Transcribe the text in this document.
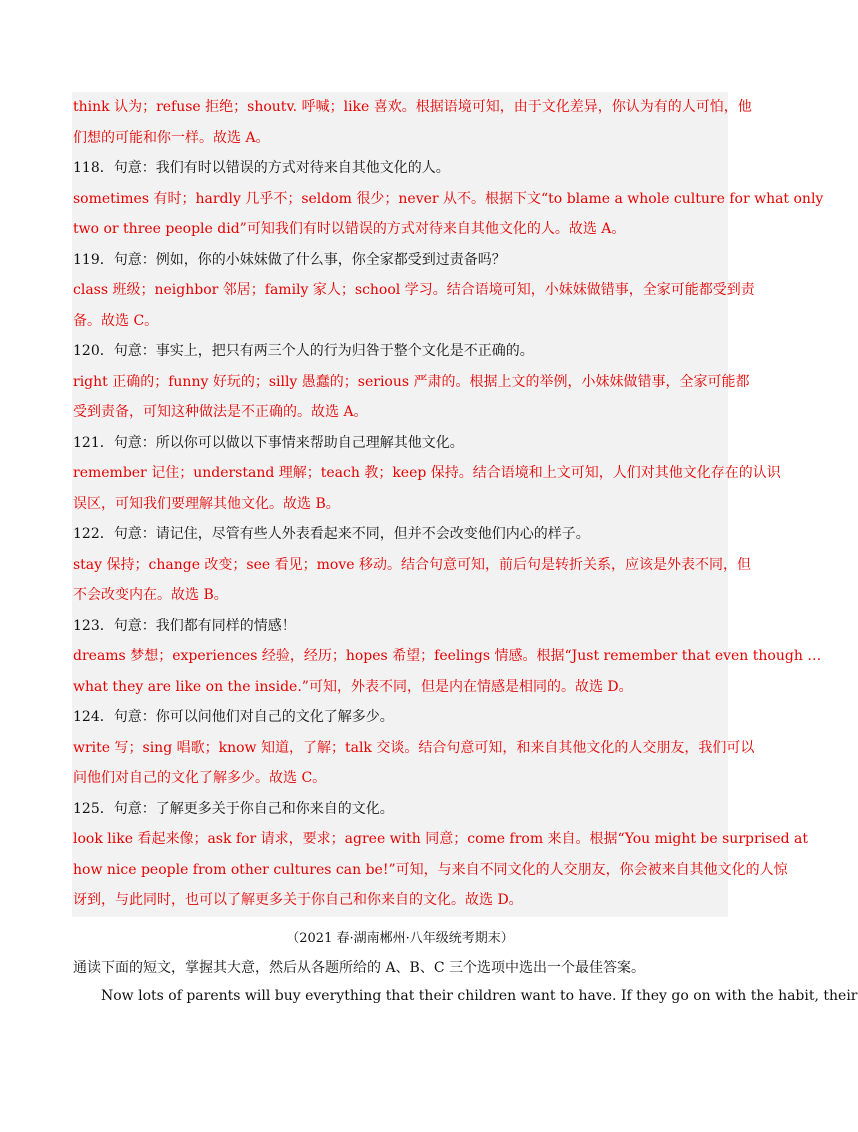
think 认为；refuse 拒绝；shoutv. 呼喊；like 喜欢。根据语境可知，由于文化差异，你认为有的人可怕，他
们想的可能和你一样。故选 A。
118．句意：我们有时以错误的方式对待来自其他文化的人。
sometimes 有时；hardly 几乎不；seldom 很少；never 从不。根据下文“to blame a whole culture for what only
two or three people did”可知我们有时以错误的方式对待来自其他文化的人。故选 A。
119．句意：例如，你的小妹妹做了什么事，你全家都受到过责备吗？
class 班级；neighbor 邻居；family 家人；school 学习。结合语境可知，小妹妹做错事，全家可能都受到责
备。故选 C。
120．句意：事实上，把只有两三个人的行为归咎于整个文化是不正确的。
right 正确的；funny 好玩的；silly 愚蠢的；serious 严肃的。根据上文的举例，小妹妹做错事，全家可能都
受到责备，可知这种做法是不正确的。故选 A。
121．句意：所以你可以做以下事情来帮助自己理解其他文化。
remember 记住；understand 理解；teach 教；keep 保持。结合语境和上文可知，人们对其他文化存在的认识
误区，可知我们要理解其他文化。故选 B。
122．句意：请记住，尽管有些人外表看起来不同，但并不会改变他们内心的样子。
stay 保持；change 改变；see 看见；move 移动。结合句意可知，前后句是转折关系，应该是外表不同，但
不会改变内在。故选 B。
123．句意：我们都有同样的情感！
dreams 梦想；experiences 经验，经历；hopes 希望；feelings 情感。根据“Just remember that even though …
what they are like on the inside.”可知，外表不同，但是内在情感是相同的。故选 D。
124．句意：你可以问他们对自己的文化了解多少。
write 写；sing 唱歌；know 知道，了解；talk 交谈。结合句意可知，和来自其他文化的人交朋友，我们可以
问他们对自己的文化了解多少。故选 C。
125．句意：了解更多关于你自己和你来自的文化。
look like 看起来像；ask for 请求，要求；agree with 同意；come from 来自。根据“You might be surprised at
how nice people from other cultures can be!”可知，与来自不同文化的人交朋友，你会被来自其他文化的人惊
讶到，与此同时，也可以了解更多关于你自己和你来自的文化。故选 D。
（2021 春·湖南郴州·八年级统考期末）
通读下面的短文，掌握其大意，然后从各题所给的 A、B、C 三个选项中选出一个最佳答案。
Now lots of parents will buy everything that their children want to have. If they go on with the habit, their
